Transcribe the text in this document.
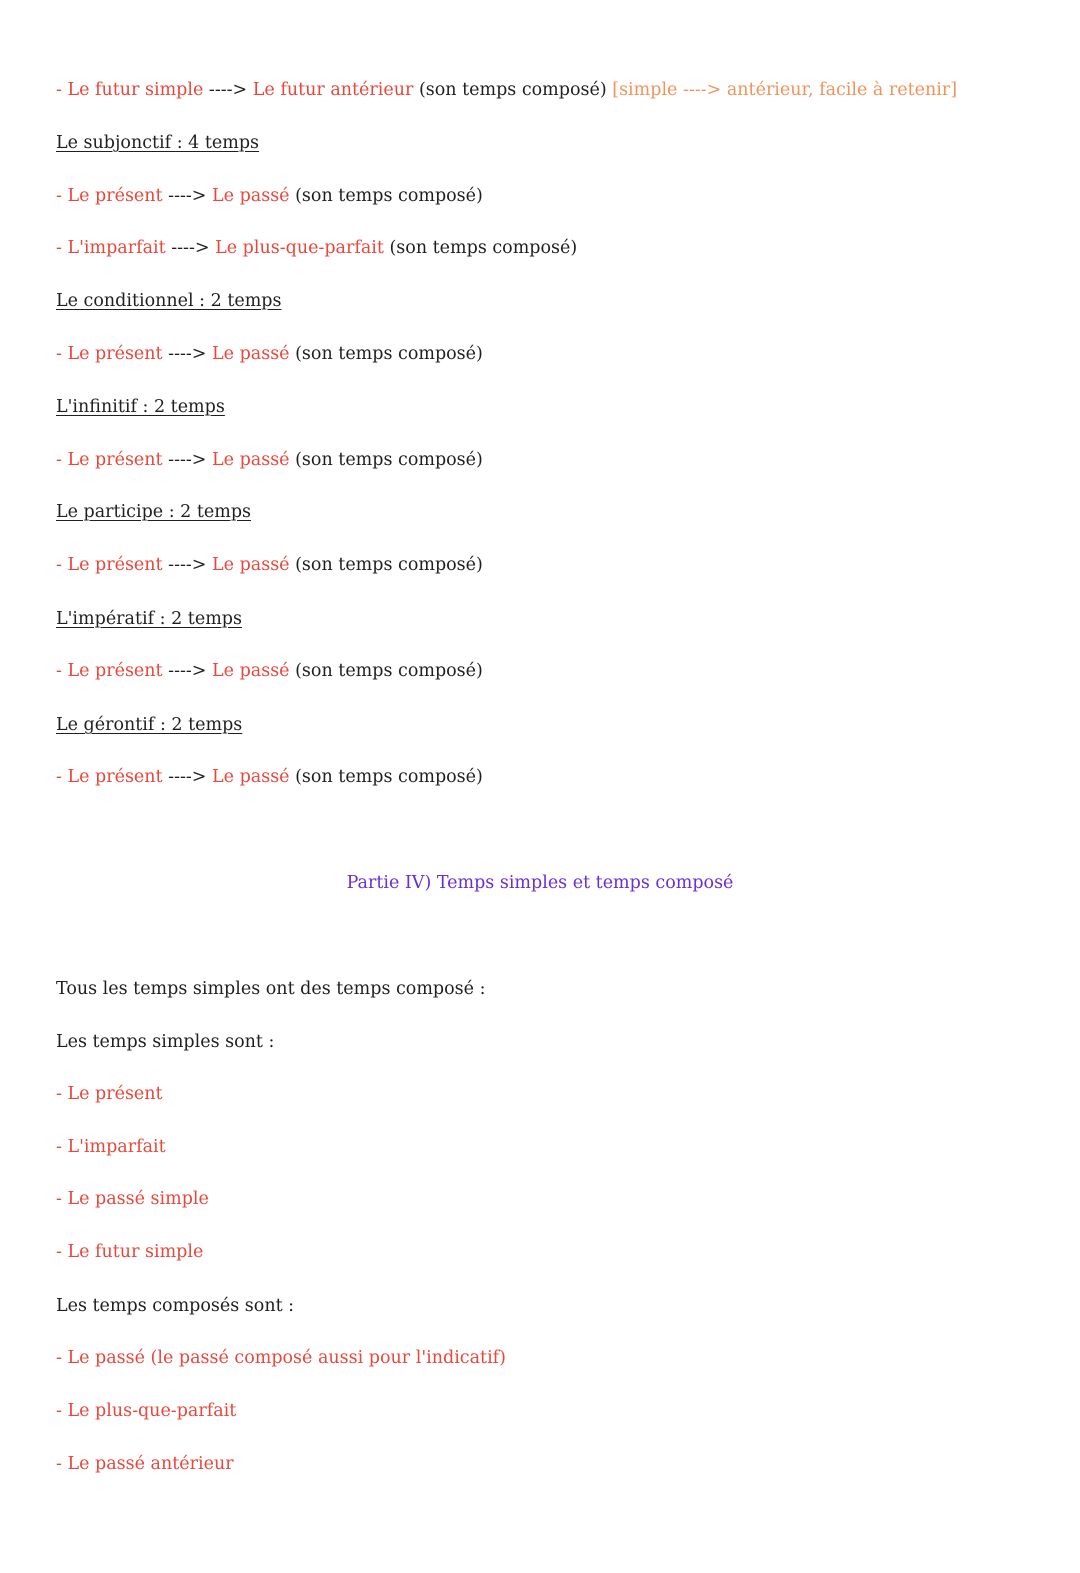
- Le futur simple ----> Le futur antérieur (son temps composé) [simple ----> antérieur, facile à retenir]
Le subjonctif : 4 temps
- Le présent ----> Le passé (son temps composé)
- L'imparfait ----> Le plus-que-parfait (son temps composé)
Le conditionnel : 2 temps
- Le présent ----> Le passé (son temps composé)
L'infinitif : 2 temps
- Le présent ----> Le passé (son temps composé)
Le participe : 2 temps
- Le présent ----> Le passé (son temps composé)
L'impératif : 2 temps
- Le présent ----> Le passé (son temps composé)
Le gérontif : 2 temps
- Le présent ----> Le passé (son temps composé)
Partie IV) Temps simples et temps composé
Tous les temps simples ont des temps composé :
Les temps simples sont :
- Le présent
- L'imparfait
- Le passé simple
- Le futur simple
Les temps composés sont :
- Le passé (le passé composé aussi pour l'indicatif)
- Le plus-que-parfait
- Le passé antérieur
